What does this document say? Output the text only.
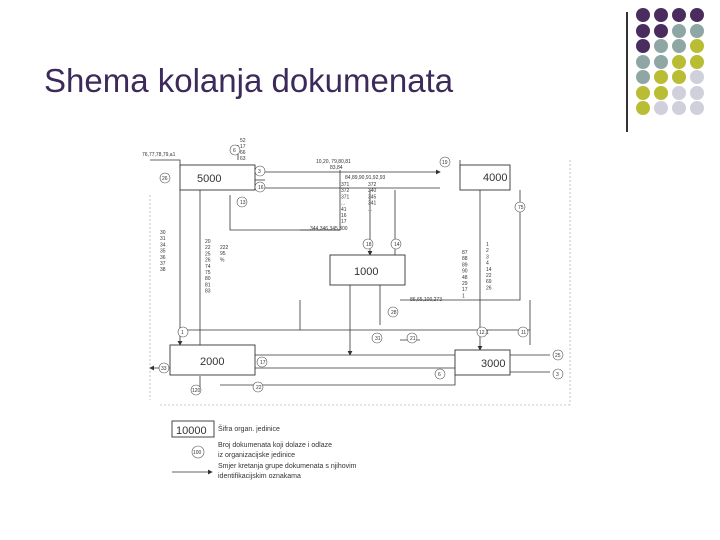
Shema kolanja dokumenata
5000	4000
1000
2000	3000
6
26
3
16
13
19
75
18	14
28
31	21
1	12.1	11
17
6
33
25
3
22
120
76,77,78,79,a1
52
17
66
63	10,20, 79,80,81
83,84
84,89,90,91,92,93
344,346,345,300
86,65,100,273
30
31
34
35
36
37
38
20
22
25
26
74
75
80
81
83
222
95
%
371
372
371
...
41
16
17
372
340
345
341
...
87
88
89
90
48
29
17
1
1
2
3
4
14
22
69
26
10000 Šifra organ. jedinice
100
Broj dokumenata koji dolaze i odlaze
iz organizacijske jedinice
Smjer kretanja grupe dokumenata s njihovim
identifikacijskim oznakama
